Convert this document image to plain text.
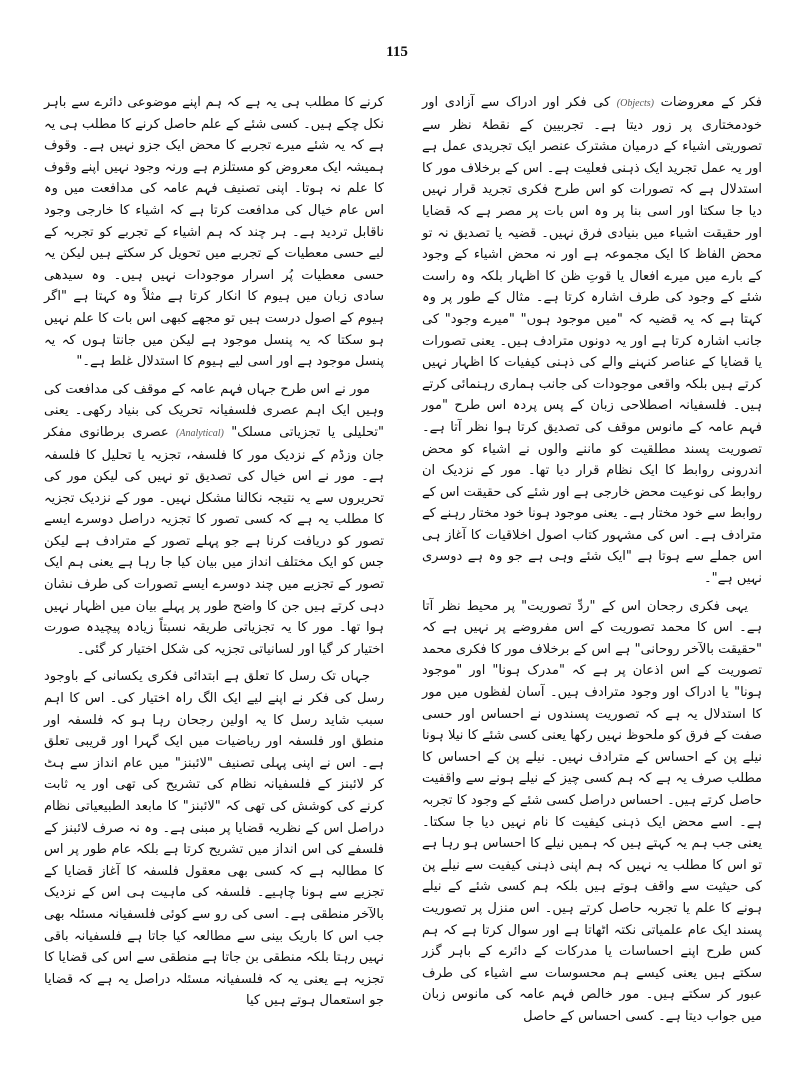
115

فکر کے معروضات (Objects) کی فکر اور ادراک سے آزادی اور خودمختاری پر زور دیتا ہے۔ تجربیین کے نقطۂ نظر سے تصوریتی اشیاء کے درمیان مشترک عنصر ایک تجریدی عمل ہے اور یہ عمل تجرید ایک ذہنی فعلیت ہے۔ اس کے برخلاف مور کا استدلال ہے کہ تصورات کو اس طرح فکری تجرید قرار نہیں دیا جا سکتا اور اسی بنا پر وہ اس بات پر مصر ہے کہ قضایا اور حقیقت اشیاء میں بنیادی فرق نہیں۔ قضیہ یا تصدیق نہ تو محض الفاظ کا ایک مجموعہ ہے اور نہ محض اشیاء کے وجود کے بارے میں میرے افعال یا قوتِ ظن کا اظہار بلکہ وہ راست شئے کے وجود کی طرف اشارہ کرتا ہے۔ مثال کے طور پر وہ کہتا ہے کہ یہ قضیہ کہ "میں موجود ہوں" "میرے وجود" کی جانب اشارہ کرتا ہے اور یہ دونوں مترادف ہیں۔ یعنی تصورات یا قضایا کے عناصر کنہنے والے کی ذہنی کیفیات کا اظہار نہیں کرتے ہیں بلکہ واقعی موجودات کی جانب ہماری رہنمائی کرتے ہیں۔ فلسفیانہ اصطلاحی زبان کے پس پردہ اس طرح "مور فہم عامہ کے مانوس موقف کی تصدیق کرتا ہوا نظر آتا ہے۔ تصوریت پسند مطلقیت کو ماننے والوں نے اشیاء کو محض اندرونی روابط کا ایک نظام قرار دیا تھا۔ مور کے نزدیک ان روابط کی نوعیت محض خارجی ہے اور شئے کی حقیقت اس کے روابط سے خود مختار ہے۔ یعنی موجود ہونا خود مختار رہنے کے مترادف ہے۔ اس کی مشہور کتاب اصول اخلاقیات کا آغاز ہی اس جملے سے ہوتا ہے "ایک شئے وہی ہے جو وہ ہے دوسری نہیں ہے"۔

یہی فکری رجحان اس کے "ردِّ تصوریت" پر محیط نظر آتا ہے۔ اس کا محمد تصوریت کے اس مفروضے پر نہیں ہے کہ "حقیقت بالآخر روحانی" ہے اس کے برخلاف مور کا فکری محمد تصوریت کے اس اذعان پر ہے کہ "مدرک ہونا" اور "موجود ہونا" یا ادراک اور وجود مترادف ہیں۔ آسان لفظوں میں مور کا استدلال یہ ہے کہ تصوریت پسندوں نے احساس اور حسی صفت کے فرق کو ملحوظ نہیں رکھا یعنی کسی شئے کا نیلا ہونا نیلے پن کے احساس کے مترادف نہیں۔ نیلے پن کے احساس کا مطلب صرف یہ ہے کہ ہم کسی چیز کے نیلے ہونے سے واقفیت حاصل کرتے ہیں۔ احساس دراصل کسی شئے کے وجود کا تجربہ ہے۔ اسے محض ایک ذہنی کیفیت کا نام نہیں دیا جا سکتا۔ یعنی جب ہم یہ کہتے ہیں کہ ہمیں نیلے کا احساس ہو رہا ہے تو اس کا مطلب یہ نہیں کہ ہم اپنی ذہنی کیفیت سے نیلے پن کی حیثیت سے واقف ہوتے ہیں بلکہ ہم کسی شئے کے نیلے ہونے کا علم یا تجربہ حاصل کرتے ہیں۔ اس منزل پر تصوریت پسند ایک عام علمیاتی نکتہ اٹھاتا ہے اور سوال کرتا ہے کہ ہم کس طرح اپنے احساسات یا مدرکات کے دائرے کے باہر گزر سکتے ہیں یعنی کیسے ہم محسوسات سے اشیاء کی طرف عبور کر سکتے ہیں۔ مور خالص فہم عامہ کی مانوس زبان میں جواب دیتا ہے۔ کسی احساس کے حاصل

کرنے کا مطلب ہی یہ ہے کہ ہم اپنے موضوعی دائرے سے باہر نکل چکے ہیں۔ کسی شئے کے علم حاصل کرنے کا مطلب ہی یہ ہے کہ یہ شئے میرے تجربے کا محض ایک جزو نہیں ہے۔ وقوف ہمیشہ ایک معروض کو مستلزم ہے ورنہ وجود نہیں اپنے وقوف کا علم نہ ہوتا۔ اپنی تصنیف فہم عامہ کی مدافعت میں وہ اس عام خیال کی مدافعت کرتا ہے کہ اشیاء کا خارجی وجود ناقابل تردید ہے۔ ہر چند کہ ہم اشیاء کے تجربے کو تجربہ کے لیے حسی معطیات کے تجربے میں تحویل کر سکتے ہیں لیکن یہ حسی معطیات پُر اسرار موجودات نہیں ہیں۔ وہ سیدھی سادی زبان میں ہیوم کا انکار کرتا ہے مثلاً وہ کہتا ہے "اگر ہیوم کے اصول درست ہیں تو مجھے کبھی اس بات کا علم نہیں ہو سکتا کہ یہ پنسل موجود ہے لیکن میں جانتا ہوں کہ یہ پنسل موجود ہے اور اسی لیے ہیوم کا استدلال غلط ہے۔"

مور نے اس طرح جہاں فہم عامہ کے موقف کی مدافعت کی وہیں ایک اہم عصری فلسفیانہ تحریک کی بنیاد رکھی۔ یعنی "تحلیلی یا تجزیاتی مسلک" (Analytical) عصری برطانوی مفکر جان وزڈم کے نزدیک مور کا فلسفہ، تجزیہ یا تحلیل کا فلسفہ ہے۔ مور نے اس خیال کی تصدیق تو نہیں کی لیکن مور کی تحریروں سے یہ نتیجہ نکالنا مشکل نہیں۔ مور کے نزدیک تجزیہ کا مطلب یہ ہے کہ کسی تصور کا تجزیہ دراصل دوسرے ایسے تصور کو دریافت کرنا ہے جو پہلے تصور کے مترادف ہے لیکن جس کو ایک مختلف انداز میں بیان کیا جا رہا ہے یعنی ہم ایک تصور کے تجزیے میں چند دوسرے ایسے تصورات کی طرف نشان دہی کرتے ہیں جن کا واضح طور پر پہلے بیان میں اظہار نہیں ہوا تھا۔ مور کا یہ تجزیاتی طریقہ نسبتاً زیادہ پیچیدہ صورت اختیار کر گیا اور لسانیاتی تجزیہ کی شکل اختیار کر گئی۔

جہاں تک رسل کا تعلق ہے ابتدائی فکری یکسانی کے باوجود رسل کی فکر نے اپنے لیے ایک الگ راہ اختیار کی۔ اس کا اہم سبب شاید رسل کا یہ اولین رجحان رہا ہو کہ فلسفہ اور منطق اور فلسفہ اور ریاضیات میں ایک گہرا اور قریبی تعلق ہے۔ اس نے اپنی پہلی تصنیف "لائبنز" میں عام انداز سے ہٹ کر لائبنز کے فلسفیانہ نظام کی تشریح کی تھی اور یہ ثابت کرنے کی کوشش کی تھی کہ "لائبنز" کا مابعد الطبیعیاتی نظام دراصل اس کے نظریہ قضایا پر مبنی ہے۔ وہ نہ صرف لائبنز کے فلسفے کی اس انداز میں تشریح کرتا ہے بلکہ عام طور پر اس کا مطالبہ ہے کہ کسی بھی معقول فلسفہ کا آغاز قضایا کے تجزیے سے ہونا چاہیے۔ فلسفہ کی ماہیت ہی اس کے نزدیک بالآخر منطقی ہے۔ اسی کی رو سے کوئی فلسفیانہ مسئلہ بھی جب اس کا باریک بینی سے مطالعہ کیا جاتا ہے فلسفیانہ باقی نہیں رہتا بلکہ منطقی بن جاتا ہے منطقی سے اس کی قضایا کا تجزیہ ہے یعنی یہ کہ فلسفیانہ مسئلہ دراصل یہ ہے کہ قضایا جو استعمال ہوتے ہیں کیا
